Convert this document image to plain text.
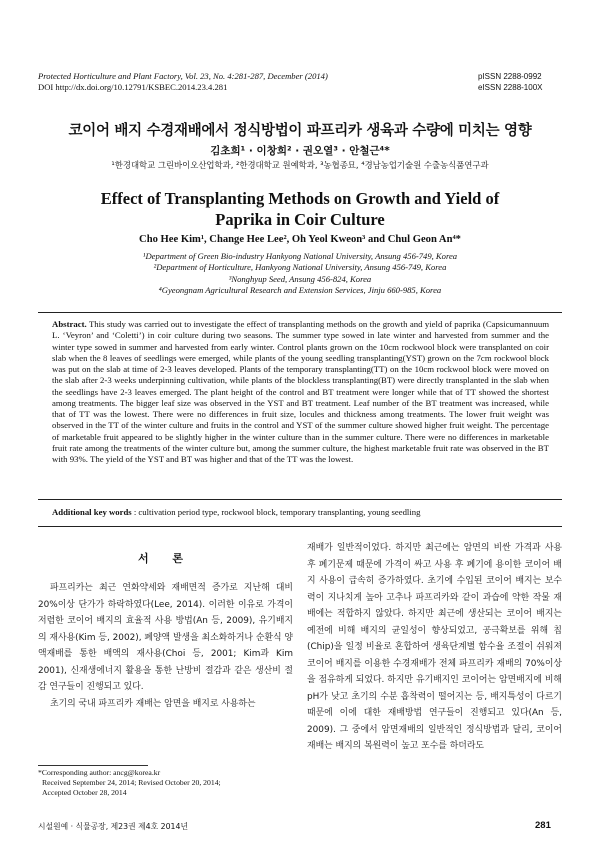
Protected Horticulture and Plant Factory, Vol. 23, No. 4:281-287, December (2014)
DOI http://dx.doi.org/10.12791/KSBEC.2014.23.4.281
pISSN 2288-0992
eISSN 2288-100X
코이어 배지 수경재배에서 정식방법이 파프리카 생육과 수량에 미치는 영향
김초희¹ · 이창희² · 권오열³ · 안철근⁴*
¹한경대학교 그린바이오산업학과, ²한경대학교 원예학과, ³농협종묘, ⁴경남농업기술원 수출농식품연구과
Effect of Transplanting Methods on Growth and Yield of
Paprika in Coir Culture
Cho Hee Kim¹, Change Hee Lee², Oh Yeol Kweon³ and Chul Geon An⁴*
¹Department of Green Bio-industry Hankyong National University, Ansung 456-749, Korea
²Department of Horticulture, Hankyong National University, Ansung 456-749, Korea
³Nonghyup Seed, Ansung 456-824, Korea
⁴Gyeongnam Agricultural Research and Extension Services, Jinju 660-985, Korea
Abstract. This study was carried out to investigate the effect of transplanting methods on the growth and yield of paprika (Capsicumannuum L. ‘Veyron’ and ‘Coletti’) in coir culture during two seasons. The summer type sowed in late winter and harvested from summer and the winter type sowed in summer and harvested from early winter. Control plants grown on the 10cm rockwool block were transplanted on coir slab when the 8 leaves of seedlings were emerged, while plants of the young seedling transplanting(YST) grown on the 7cm rockwool block was put on the slab at time of 2-3 leaves developed. Plants of the temporary transplanting(TT) on the 10cm rockwool block were moved on the slab after 2-3 weeks underpinning cultivation, while plants of the blockless transplanting(BT) were directly transplanted in the slab when the seedlings have 2-3 leaves emerged. The plant height of the control and BT treatment were longer while that of TT showed the shortest among treatments. The bigger leaf size was observed in the YST and BT treatment. Leaf number of the BT treatment was increased, while that of TT was the lowest. There were no differences in fruit size, locules and thickness among treatments. The lower fruit weight was observed in the TT of the winter culture and fruits in the control and YST of the summer culture showed higher fruit weight. The percentage of marketable fruit appeared to be slightly higher in the winter culture than in the summer culture. There were no differences in marketable fruit rate among the treatments of the winter culture but, among the summer culture, the highest marketable fruit rate was observed in the BT with 93%. The yield of the YST and BT was higher and that of the TT was the lowest.
Additional key words : cultivation period type, rockwool block, temporary transplanting, young seedling
서 론

파프리카는 최근 연화약세와 재배면적 증가로 지난해 대비 20%이상 단가가 하락하였다(Lee, 2014). 이러한 이유로 가격이 저렴한 코이어 배지의 효율적 사용 방법(An 등, 2009), 유기배지의 재사용(Kim 등, 2002), 폐양액 발생을 최소화하거나 순환식 양액재배를 통한 배액의 재사용(Choi 등, 2001; Kim과 Kim 2001), 신재생에너지 활용을 통한 난방비 절감과 같은 생산비 절감 연구들이 진행되고 있다.

초기의 국내 파프리카 재배는 암면을 배지로 사용하는

재배가 일반적이었다. 하지만 최근에는 암면의 비싼 가격과 사용 후 폐기문제 때문에 가격이 싸고 사용 후 폐기에 용이한 코이어 배지 사용이 급속히 증가하였다. 초기에 수입된 코이어 배지는 보수력이 지나치게 높아 고추나 파프리카와 같이 과습에 약한 작물 재배에는 적합하지 않았다. 하지만 최근에 생산되는 코이어 배지는 예전에 비해 배지의 균일성이 향상되었고, 공극확보를 위해 칩(Chip)을 일정 비율로 혼합하여 생육단계별 함수율 조절이 쉬워져 코이어 배지를 이용한 수경재배가 전체 파프리카 재배의 70%이상을 점유하게 되었다. 하지만 유기배지인 코이어는 암면배지에 비해 pH가 낮고 초기의 수분 흡착력이 떨어지는 등, 배지특성이 다르기 때문에 이에 대한 재배방법 연구들이 진행되고 있다(An 등, 2009). 그 중에서 암면재배의 일반적인 정식방법과 달리, 코이어 재배는 배지의 복원력이 높고 포수를 하더라도

*Corresponding author: ancg@korea.kr
Received September 24, 2014; Revised October 20, 2014;
Accepted October 28, 2014
시설원예 · 식물공장, 제23권 제4호 2014년	281
